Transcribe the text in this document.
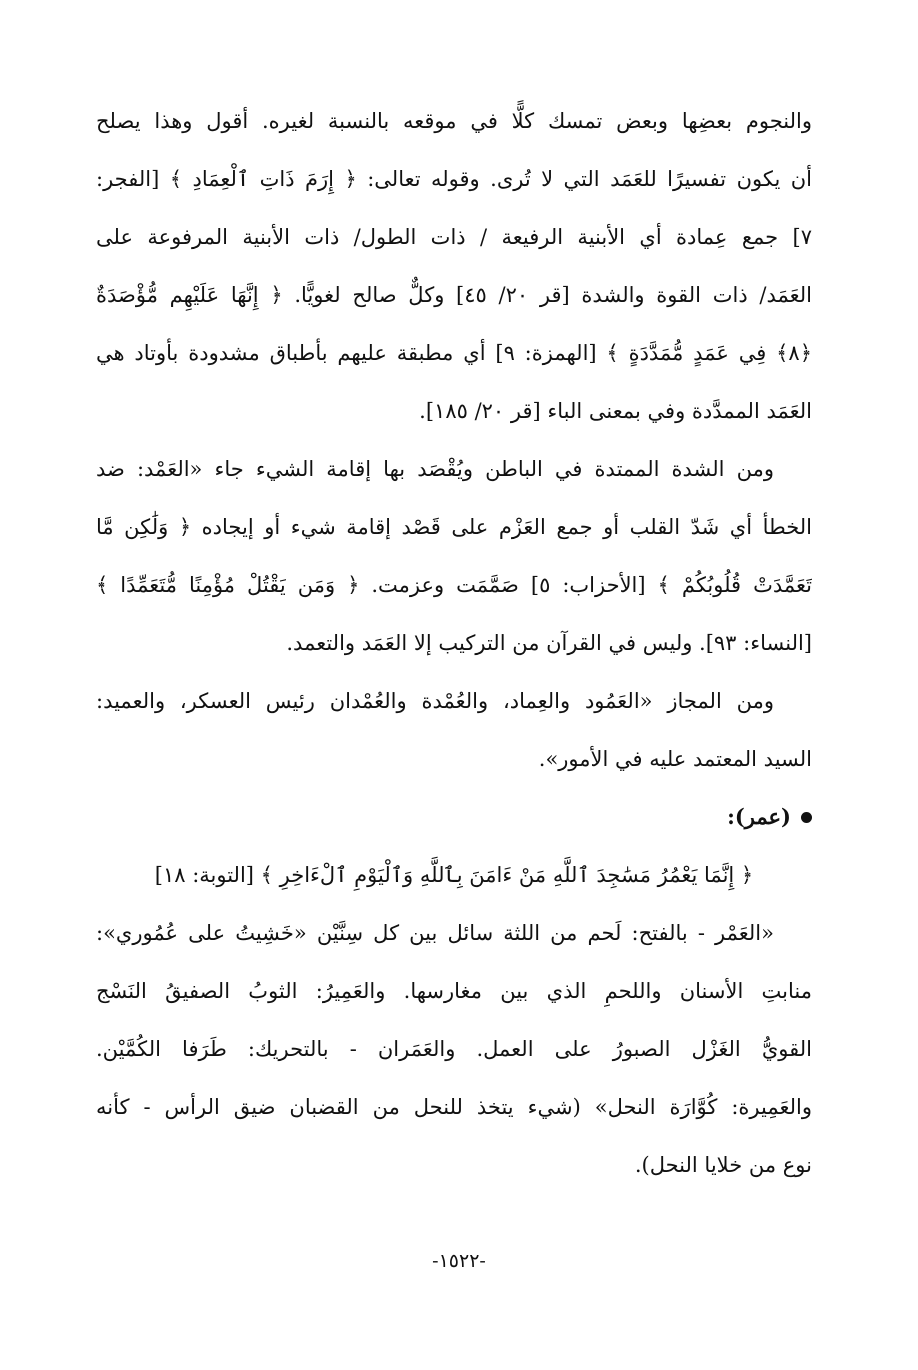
والنجوم بعضِها وبعض تمسك كلًّا في موقعه بالنسبة لغيره. أقول وهذا يصلح
أن يكون تفسيرًا للعَمَد التي لا تُرى. وقوله تعالى: ﴿ إِرَمَ ذَاتِ ٱلْعِمَادِ ﴾ [الفجر:
٧] جمع عِمادة أي الأبنية الرفيعة / ذات الطول/ ذات الأبنية المرفوعة على
العَمَد/ ذات القوة والشدة [قر ٢٠/ ٤٥] وكلٌّ صالح لغويًّا. ﴿ إِنَّهَا عَلَيْهِم مُّؤْصَدَةٌ
﴿٨﴾ فِي عَمَدٍ مُّمَدَّدَةٍ ﴾ [الهمزة: ٩] أي مطبقة عليهم بأطباق مشدودة بأوتاد هي
العَمَد الممدَّدة وفي بمعنى الباء [قر ٢٠/ ١٨٥].
ومن الشدة الممتدة في الباطن ويُقْصَد بها إقامة الشيء جاء «العَمْد: ضد
الخطأ أي شَدّ القلب أو جمع العَزْم على قَصْد إقامة شيء أو إيجاده ﴿ وَلَٰكِن مَّا
تَعَمَّدَتْ قُلُوبُكُمْ ﴾ [الأحزاب: ٥] صَمَّمَت وعزمت. ﴿ وَمَن يَقْتُلْ مُؤْمِنًا مُّتَعَمِّدًا ﴾
[النساء: ٩٣]. وليس في القرآن من التركيب إلا العَمَد والتعمد.
ومن المجاز «العَمُود والعِماد، والعُمْدة والعُمْدان رئيس العسكر، والعميد:
السيد المعتمد عليه في الأمور».
(عمر):
﴿ إِنَّمَا يَعْمُرُ مَسَٰجِدَ ٱللَّهِ مَنْ ءَامَنَ بِٱللَّهِ وَٱلْيَوْمِ ٱلْءَاخِرِ ﴾ [التوبة: ١٨]
«العَمْر - بالفتح: لَحم من اللثة سائل بين كل سِنَّيْن «خَشِيتُ على عُمُوري»:
منابتِ الأسنان واللحمِ الذي بين مغارسها. والعَمِيرُ: الثوبُ الصفيقُ النَسْج
القويُّ الغَزْل الصبورُ على العمل. والعَمَران - بالتحريك: طَرَفا الكُمَّيْن.
والعَمِيرة: كُوَّارَة النحل» (شيء يتخذ للنحل من القضبان ضيق الرأس - كأنه
نوع من خلايا النحل).
-١٥٢٢-
